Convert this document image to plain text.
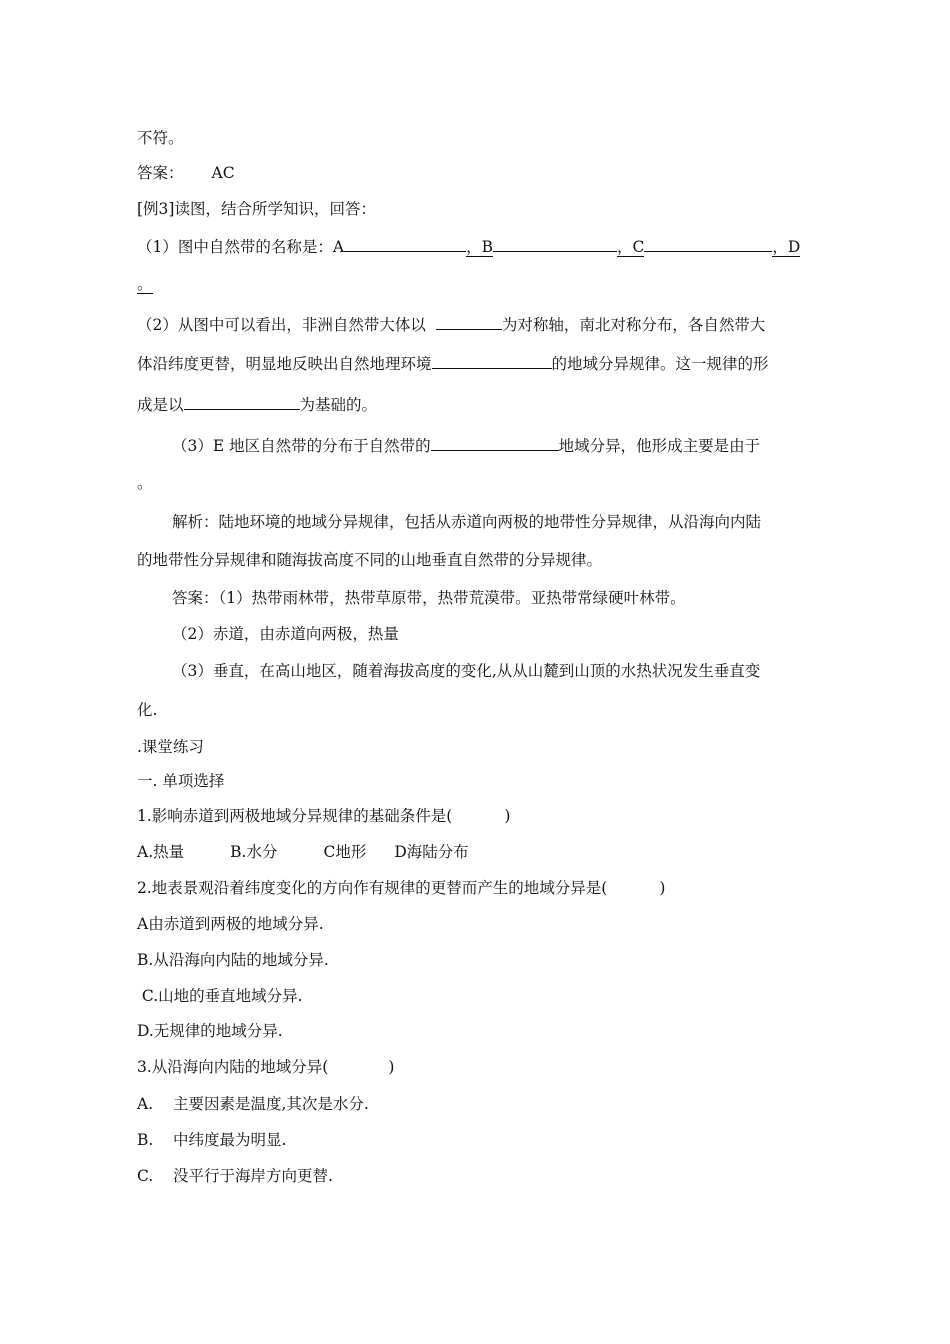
不符。
答案： AC
[例3]读图，结合所学知识，回答：
（1）图中自然带的名称是：A	，B	，C	，D
。
（2）从图中可以看出，非洲自然带大体以	为对称轴，南北对称分布，各自然带大
体沿纬度更替，明显地反映出自然地理环境	的地域分异规律。这一规律的形
成是以	为基础的。
（3）E 地区自然带的分布于自然带的	地域分异，他形成主要是由于
。
解析：陆地环境的地域分异规律，包括从赤道向两极的地带性分异规律，从沿海向内陆
的地带性分异规律和随海拔高度不同的山地垂直自然带的分异规律。
答案：（1）热带雨林带，热带草原带，热带荒漠带。亚热带常绿硬叶林带。
（2）赤道，由赤道向两极，热量
（3）垂直，在高山地区，随着海拔高度的变化,从从山麓到山顶的水热状况发生垂直变
化.
.课堂练习
一. 单项选择
1.影响赤道到两极地域分异规律的基础条件是(	)
A.热量	B.水分	C地形 D海陆分布
2.地表景观沿着纬度变化的方向作有规律的更替而产生的地域分异是(	)
A由赤道到两极的地域分异.
B.从沿海向内陆的地域分异.
C.山地的垂直地域分异.
D.无规律的地域分异.
3.从沿海向内陆的地域分异(	)
A. 主要因素是温度,其次是水分.
B. 中纬度最为明显.
C. 没平行于海岸方向更替.
